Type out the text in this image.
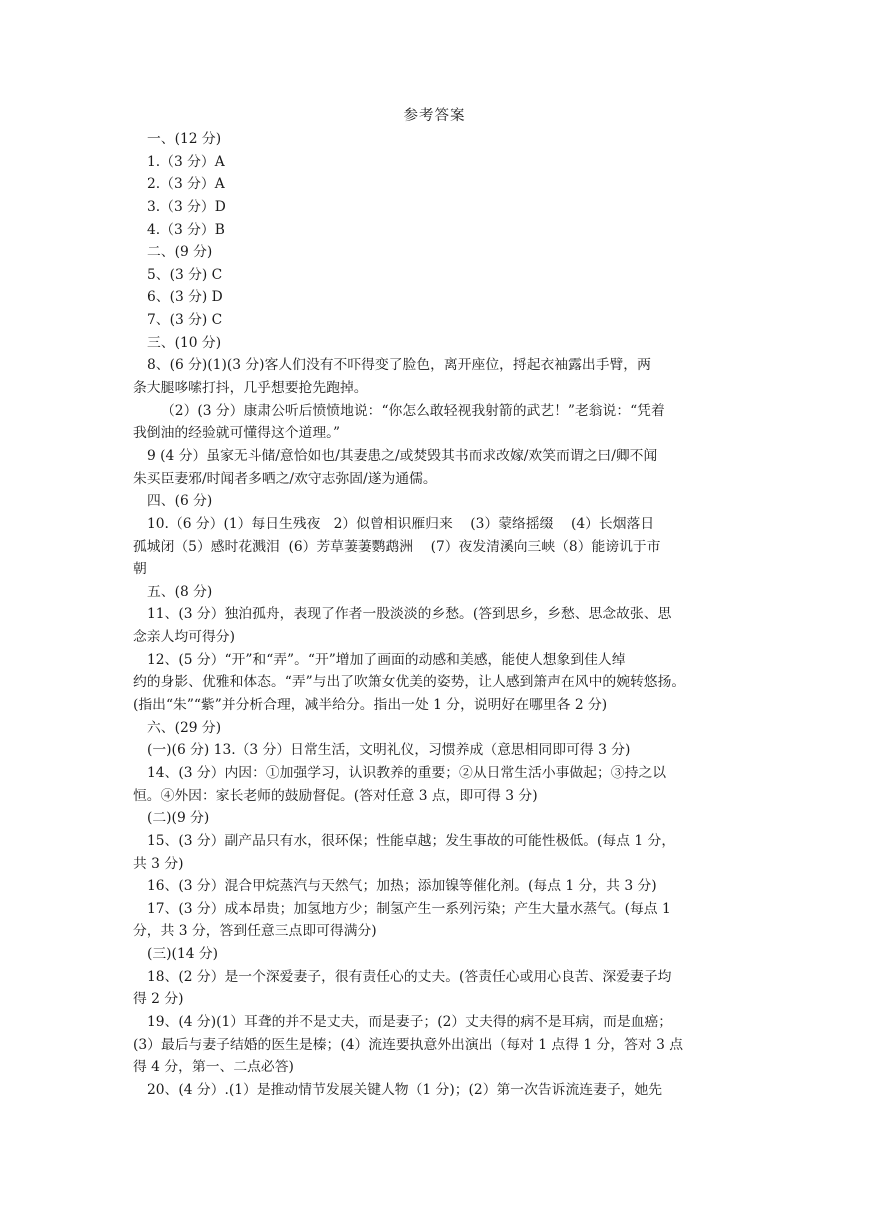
参考答案
一、(12 分)
1.（3 分）A
2.（3 分）A
3.（3 分）D
4.（3 分）B
二、(9 分)
5、(3 分) C
6、(3 分) D
7、(3 分) C
三、(10 分)
8、(6 分)(1)(3 分)客人们没有不吓得变了脸色，离开座位，捋起衣袖露出手臂，两
条大腿哆嗦打抖，几乎想要抢先跑掉。
（2）(3 分）康肃公听后愤愤地说：“你怎么敢轻视我射箭的武艺！”老翁说：“凭着
我倒油的经验就可懂得这个道理。”
9 (4 分）虽家无斗储/意恰如也/其妻患之/或焚毁其书而求改嫁/欢笑而谓之曰/卿不闻
朱买臣妻邪/时闻者多哂之/欢守志弥固/遂为通儒。
四、(6 分)
10.（6 分）(1）每日生残夜   2）似曾相识雁归来    (3）蒙络摇缀    (4）长烟落日
孤城闭（5）感时花溅泪  (6）芳草萋萋鹦鹉洲    (7）夜发清溪向三峡（8）能谤讥于市
朝
五、(8 分)
11、(3 分）独泊孤舟，表现了作者一股淡淡的乡愁。(答到思乡，乡愁、思念故张、思
念亲人均可得分)
12、(5 分）“开”和“弄”。“开”增加了画面的动感和美感，能使人想象到佳人绰
约的身影、优雅和体态。“弄”与出了吹箫女优美的姿势，让人感到箫声在风中的婉转悠扬。
(指出“朱”“紫”并分析合理，减半给分。指出一处 1 分，说明好在哪里各 2 分)
六、(29 分)
(一)(6 分) 13.（3 分）日常生活，文明礼仪，习惯养成（意思相同即可得 3 分)
14、(3 分）内因：①加强学习，认识教养的重要；②从日常生活小事做起；③持之以
恒。④外因：家长老师的鼓励督促。(答对任意 3 点，即可得 3 分)
(二)(9 分)
15、(3 分）副产品只有水，很环保；性能卓越；发生事故的可能性极低。(每点 1 分，
共 3 分)
16、(3 分）混合甲烷蒸汽与天然气；加热；添加镍等催化剂。(每点 1 分，共 3 分)
17、(3 分）成本昂贵；加氢地方少；制氢产生一系列污染；产生大量水蒸气。(每点 1
分，共 3 分，答到任意三点即可得满分)
(三)(14 分)
18、(2 分）是一个深爱妻子，很有责任心的丈夫。(答责任心或用心良苦、深爱妻子均
得 2 分)
19、(4 分)(1）耳聋的并不是丈夫，而是妻子；(2）丈夫得的病不是耳病，而是血癌；
(3）最后与妻子结婚的医生是榛；(4）流连要执意外出演出（每对 1 点得 1 分，答对 3 点
得 4 分，第一、二点必答)
20、(4 分）.(1）是推动情节发展关键人物（1 分)；(2）第一次告诉流连妻子，她先
